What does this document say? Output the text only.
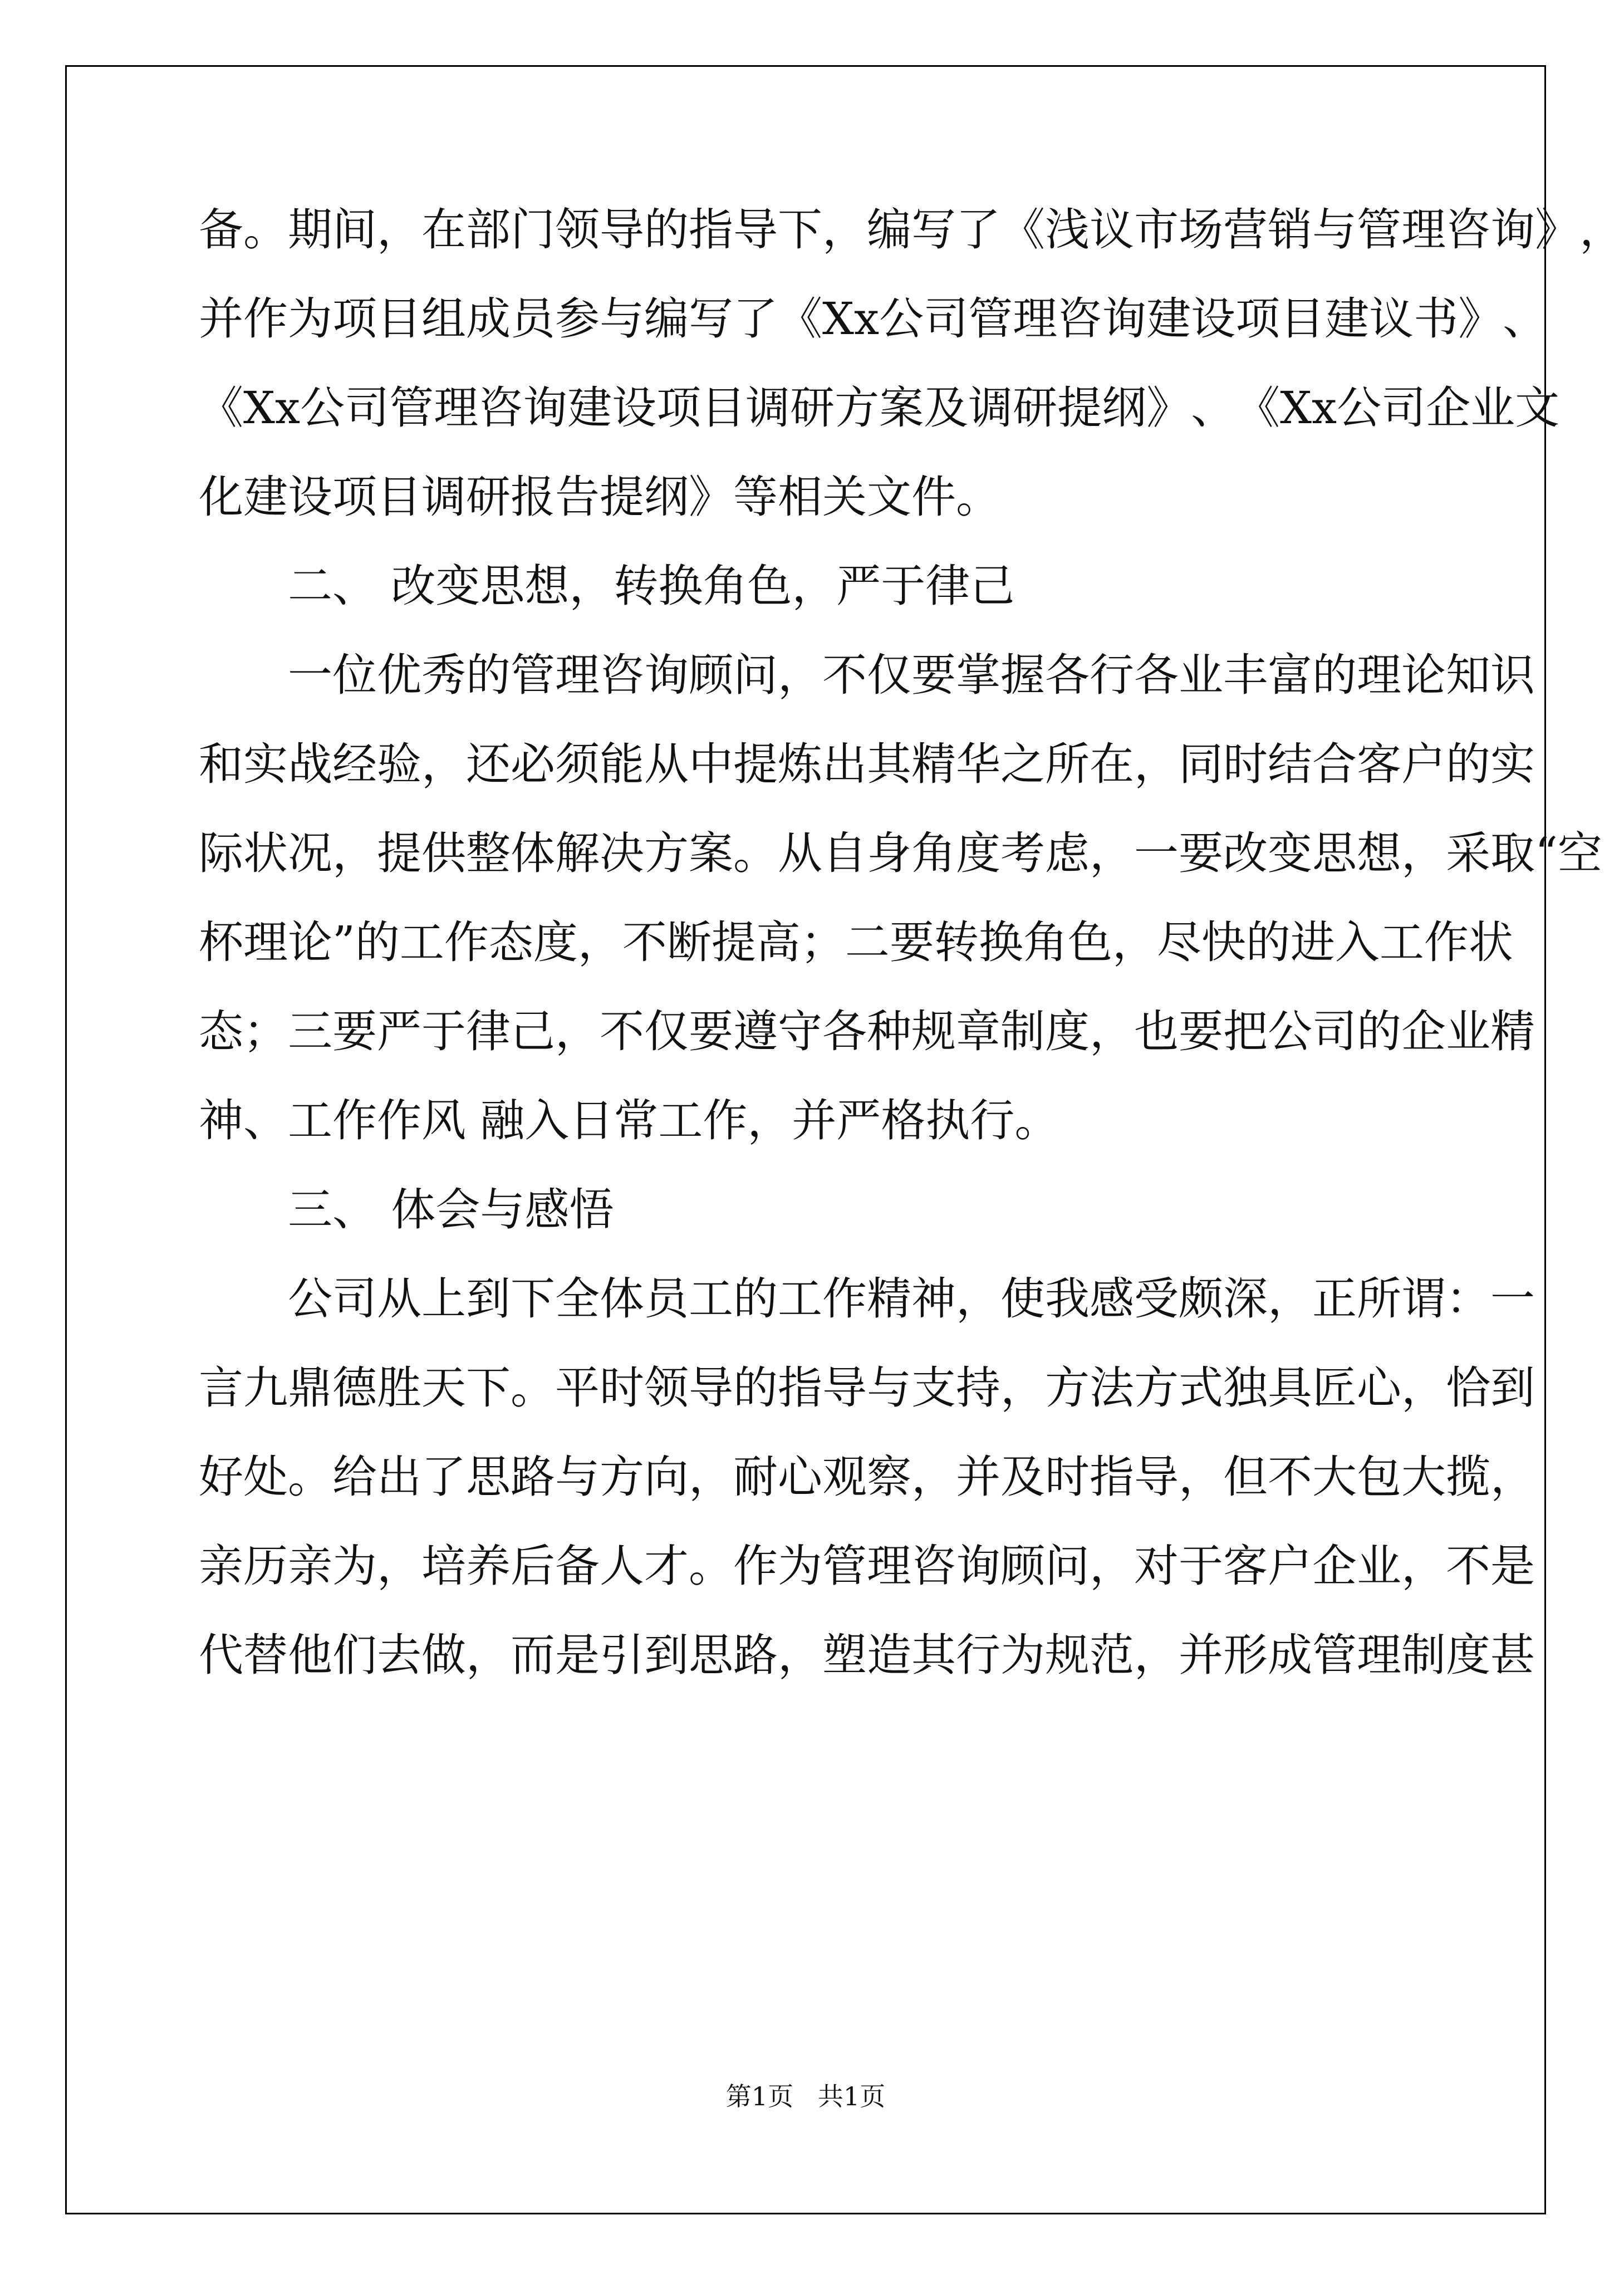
备 。 期 间 ， 在 部 门 领 导 的 指 导 下 ， 编 写 了 《 浅 议 市 场 营 销 与 管 理 咨 询 》 ，
并 作 为 项 目 组 成 员 参 与 编 写 了 《 Xx 公 司 管 理 咨 询 建 设 项 目 建 议 书 》 、
《 Xx 公 司 管 理 咨 询 建 设 项 目 调 研 方 案 及 调 研 提 纲 》 、 《 Xx 公 司 企 业 文
化建设项目调研报告提纲》等相关文件。
二、 改变思想，转换角色，严于律己
一 位 优 秀 的 管 理 咨 询 顾 问 ， 不 仅 要 掌 握 各 行 各 业 丰 富 的 理 论 知 识
和 实 战 经 验 ， 还 必 须 能 从 中 提 炼 出 其 精 华 之 所 在 ， 同 时 结 合 客 户 的 实
际 状 况 ， 提 供 整 体 解 决 方 案 。 从 自 身 角 度 考 虑 ， 一 要 改 变 思 想 ， 采 取 “ 空
杯 理 论 ” 的 工 作 态 度 ， 不 断 提 高 ； 二 要 转 换 角 色 ， 尽 快 的 进 入 工 作 状
态 ； 三 要 严 于 律 己 ， 不 仅 要 遵 守 各 种 规 章 制 度 ， 也 要 把 公 司 的 企 业 精
神、工作作风 融入日常工作，并严格执行。
三、 体会与感悟
公 司 从 上 到 下 全 体 员 工 的 工 作 精 神 ， 使 我 感 受 颇 深 ， 正 所 谓 ： 一
言 九 鼎 德 胜 天 下 。 平 时 领 导 的 指 导 与 支 持 ， 方 法 方 式 独 具 匠 心 ， 恰 到
好 处 。 给 出 了 思 路 与 方 向 ， 耐 心 观 察 ， 并 及 时 指 导 ， 但 不 大 包 大 揽 ，
亲 历 亲 为 ， 培 养 后 备 人 才 。 作 为 管 理 咨 询 顾 问 ， 对 于 客 户 企 业 ， 不 是
代 替 他 们 去 做 ， 而 是 引 到 思 路 ， 塑 造 其 行 为 规 范 ， 并 形 成 管 理 制 度 甚
第1页   共1页
